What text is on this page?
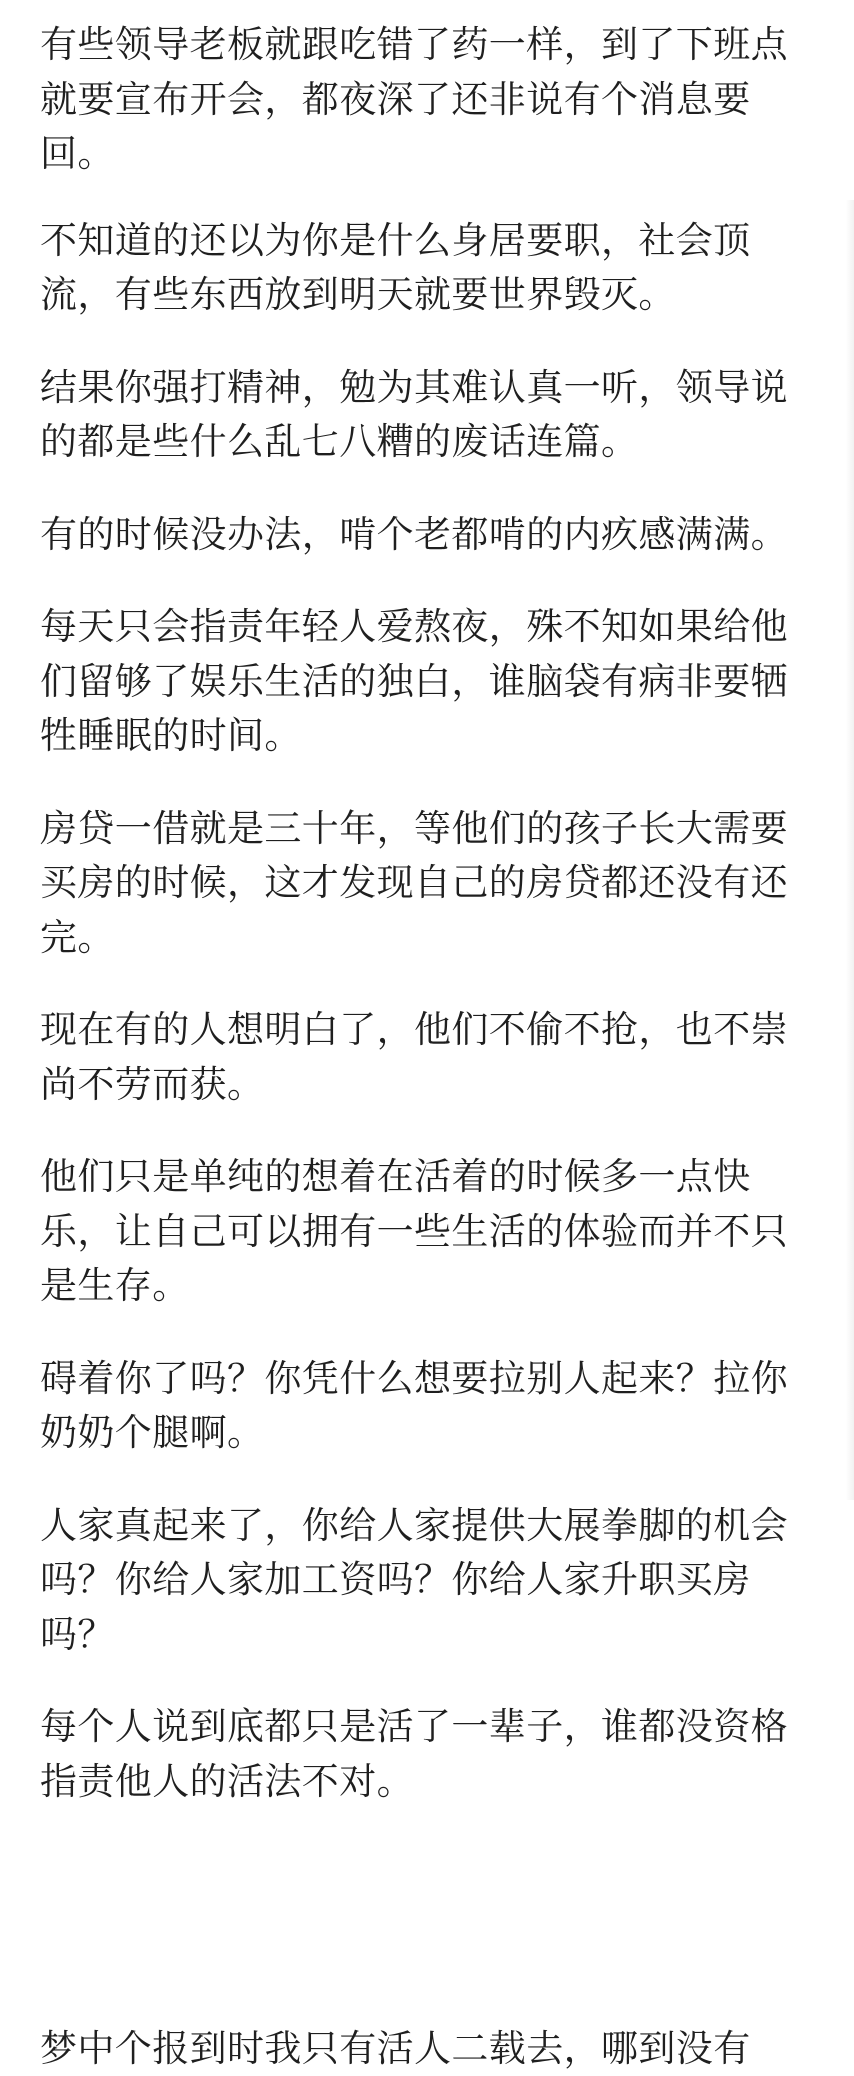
有些领导老板就跟吃错了药一样，到了下班点就要宣布开会，都夜深了还非说有个消息要回。

不知道的还以为你是什么身居要职，社会顶流，有些东西放到明天就要世界毁灭。

结果你强打精神，勉为其难认真一听，领导说的都是些什么乱七八糟的废话连篇。

有的时候没办法，啃个老都啃的内疚感满满。

每天只会指责年轻人爱熬夜，殊不知如果给他们留够了娱乐生活的独白，谁脑袋有病非要牺牲睡眠的时间。

房贷一借就是三十年，等他们的孩子长大需要买房的时候，这才发现自己的房贷都还没有还完。

现在有的人想明白了，他们不偷不抢，也不崇尚不劳而获。

他们只是单纯的想着在活着的时候多一点快乐，让自己可以拥有一些生活的体验而并不只是生存。

碍着你了吗？你凭什么想要拉别人起来？拉你奶奶个腿啊。

人家真起来了，你给人家提供大展拳脚的机会吗？你给人家加工资吗？你给人家升职买房吗？

每个人说到底都只是活了一辈子，谁都没资格指责他人的活法不对。

梦中个报到时我只有活人二载去，哪到没有
